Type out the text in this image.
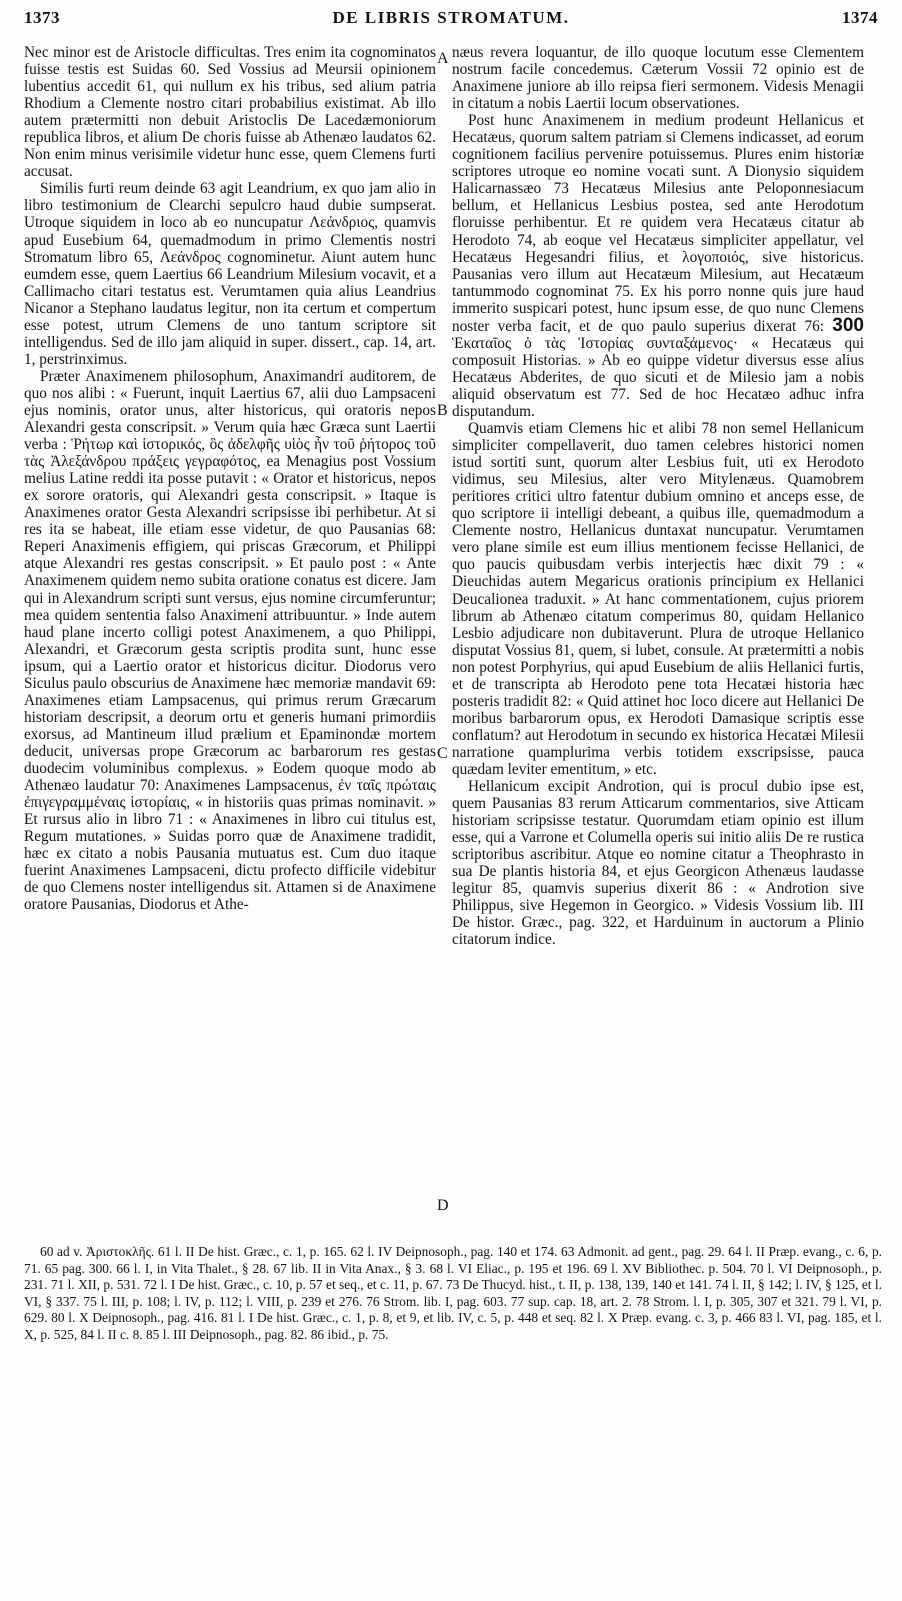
1373	DE LIBRIS STROMATUM.	1374

Nec minor est de Aristocle difficultas. Tres enim ita cognominatos fuisse testis est Suidas 60. Sed Vossius ad Meursii opinionem lubentius accedit 61, qui nullum ex his tribus, sed alium patria Rhodium a Clemente nostro citari probabilius existimat. Ab illo autem prætermitti non debuit Aristoclis De Lacedæmoniorum republica libros, et alium De choris fuisse ab Athenæo laudatos 62. Non enim minus verisimile videtur hunc esse, quem Clemens furti accusat.

Similis furti reum deinde 63 agit Leandrium, ex quo jam alio in libro testimonium de Clearchi sepulcro haud dubie sumpserat. Utroque siquidem in loco ab eo nuncupatur Λεάνδριος, quamvis apud Eusebium 64, quemadmodum in primo Clementis nostri Stromatum libro 65, Λεάνδρος cognominetur. Aiunt autem hunc eumdem esse, quem Laertius 66 Leandrium Milesium vocavit, et a Callimacho citari testatus est. Verumtamen quia alius Leandrius Nicanor a Stephano laudatus legitur, non ita certum et compertum esse potest, utrum Clemens de uno tantum scriptore sit intelligendus. Sed de illo jam aliquid in super. dissert., cap. 14, art. 1, perstrinximus.

Præter Anaximenem philosophum, Anaximandri auditorem, de quo nos alibi : « Fuerunt, inquit Laertius 67, alii duo Lampsaceni ejus nominis, orator unus, alter historicus, qui oratoris nepos Alexandri gesta conscripsit. » Verum quia hæc Græca sunt Laertii verba : Ῥήτωρ καὶ ἱστορικός, ὃς ἀδελφῆς υἱὸς ἦν τοῦ ῥήτορος τοῦ τὰς Ἀλεξάνδρου πράξεις γεγραφότος, ea Menagius post Vossium melius Latine reddi ita posse putavit : « Orator et historicus, nepos ex sorore oratoris, qui Alexandri gesta conscripsit. » Itaque is Anaximenes orator Gesta Alexandri scripsisse ibi perhibetur. At si res ita se habeat, ille etiam esse videtur, de quo Pausanias 68: Reperi Anaximenis effigiem, qui priscas Græcorum, et Philippi atque Alexandri res gestas conscripsit. » Et paulo post : « Ante Anaximenem quidem nemo subita oratione conatus est dicere. Jam qui in Alexandrum scripti sunt versus, ejus nomine circumferuntur; mea quidem sententia falso Anaximeni attribuuntur. » Inde autem haud plane incerto colligi potest Anaximenem, a quo Philippi, Alexandri, et Græcorum gesta scriptis prodita sunt, hunc esse ipsum, qui a Laertio orator et historicus dicitur. Diodorus vero Siculus paulo obscurius de Anaximene hæc memoriæ mandavit 69: Anaximenes etiam Lampsacenus, qui primus rerum Græcarum historiam descripsit, a deorum ortu et generis humani primordiis exorsus, ad Mantineum illud prælium et Epaminondæ mortem deducit, universas prope Græcorum ac barbarorum res gestas duodecim voluminibus complexus. » Eodem quoque modo ab Athenæo laudatur 70: Anaximenes Lampsacenus, ἐν ταῖς πρώταις ἐπιγεγραμμέναις ἱστορίαις, « in historiis quas primas nominavit. » Et rursus alio in libro 71 : « Anaximenes in libro cui titulus est, Regum mutationes. » Suidas porro quæ de Anaximene tradidit, hæc ex citato a nobis Pausania mutuatus est. Cum duo itaque fuerint Anaximenes Lampsaceni, dictu profecto difficile videbitur de quo Clemens noster intelligendus sit. Attamen si de Anaximene oratore Pausanias, Diodorus et Athe-

A
B
C
D

næus revera loquantur, de illo quoque locutum esse Clementem nostrum facile concedemus. Cæterum Vossii 72 opinio est de Anaximene juniore ab illo reipsa fieri sermonem. Videsis Menagii in citatum a nobis Laertii locum observationes.

Post hunc Anaximenem in medium prodeunt Hellanicus et Hecatæus, quorum saltem patriam si Clemens indicasset, ad eorum cognitionem facilius pervenire potuissemus. Plures enim historiæ scriptores utroque eo nomine vocati sunt. A Dionysio siquidem Halicarnassæo 73 Hecatæus Milesius ante Peloponnesiacum bellum, et Hellanicus Lesbius postea, sed ante Herodotum floruisse perhibentur. Et re quidem vera Hecatæus citatur ab Herodoto 74, ab eoque vel Hecatæus simpliciter appellatur, vel Hecatæus Hegesandri filius, et λογοποιός, sive historicus. Pausanias vero illum aut Hecatæum Milesium, aut Hecatæum tantummodo cognominat 75. Ex his porro nonne quis jure haud immerito suspicari potest, hunc ipsum esse, de quo nunc Clemens noster verba facit, et de quo paulo superius dixerat 76: 300 Ἑκαταῖος ὁ τὰς Ἱστορίας συνταξάμενος· « Hecatæus qui composuit Historias. » Ab eo quippe videtur diversus esse alius Hecatæus Abderites, de quo sicuti et de Milesio jam a nobis aliquid observatum est 77. Sed de hoc Hecatæo adhuc infra disputandum.

Quamvis etiam Clemens hic et alibi 78 non semel Hellanicum simpliciter compellaverit, duo tamen celebres historici nomen istud sortiti sunt, quorum alter Lesbius fuit, uti ex Herodoto vidimus, seu Milesius, alter vero Mitylenæus. Quamobrem peritiores critici ultro fatentur dubium omnino et anceps esse, de quo scriptore ii intelligi debeant, a quibus ille, quemadmodum a Clemente nostro, Hellanicus duntaxat nuncupatur. Verumtamen vero plane simile est eum illius mentionem fecisse Hellanici, de quo paucis quibusdam verbis interjectis hæc dixit 79 : « Dieuchidas autem Megaricus orationis principium ex Hellanici Deucalionea traduxit. » At hanc commentationem, cujus priorem librum ab Athenæo citatum comperimus 80, quidam Hellanico Lesbio adjudicare non dubitaverunt. Plura de utroque Hellanico disputat Vossius 81, quem, si lubet, consule. At prætermitti a nobis non potest Porphyrius, qui apud Eusebium de aliis Hellanici furtis, et de transcripta ab Herodoto pene tota Hecatæi historia hæc posteris tradidit 82: « Quid attinet hoc loco dicere aut Hellanici De moribus barbarorum opus, ex Herodoti Damasique scriptis esse conflatum? aut Herodotum in secundo ex historica Hecatæi Milesii narratione quamplurima verbis totidem exscripsisse, pauca quædam leviter ementitum, » etc.

Hellanicum excipit Androtion, qui is procul dubio ipse est, quem Pausanias 83 rerum Atticarum commentarios, sive Atticam historiam scripsisse testatur. Quorumdam etiam opinio est illum esse, qui a Varrone et Columella operis sui initio aliis De re rustica scriptoribus ascribitur. Atque eo nomine citatur a Theophrasto in sua De plantis historia 84, et ejus Georgicon Athenæus laudasse legitur 85, quamvis superius dixerit 86 : « Androtion sive Philippus, sive Hegemon in Georgico. » Videsis Vossium lib. III De histor. Græc., pag. 322, et Harduinum in auctorum a Plinio citatorum indice.

60 ad v. Ἀριστοκλῆς. 61 l. II De hist. Græc., c. 1, p. 165. 62 l. IV Deipnosoph., pag. 140 et 174. 63 Admonit. ad gent., pag. 29. 64 l. II Præp. evang., c. 6, p. 71. 65 pag. 300. 66 l. I, in Vita Thalet., § 28. 67 lib. II in Vita Anax., § 3. 68 l. VI Eliac., p. 195 et 196. 69 l. XV Bibliothec. p. 504. 70 l. VI Deipnosoph., p. 231. 71 l. XII, p. 531. 72 l. I De hist. Græc., c. 10, p. 57 et seq., et c. 11, p. 67. 73 De Thucyd. hist., t. II, p. 138, 139, 140 et 141. 74 l. II, § 142; l. IV, § 125, et l. VI, § 337. 75 l. III, p. 108; l. IV, p. 112; l. VIII, p. 239 et 276. 76 Strom. lib. I, pag. 603. 77 sup. cap. 18, art. 2. 78 Strom. l. I, p. 305, 307 et 321. 79 l. VI, p. 629. 80 l. X Deipnosoph., pag. 416. 81 l. I De hist. Græc., c. 1, p. 8, et 9, et lib. IV, c. 5, p. 448 et seq. 82 l. X Præp. evang. c. 3, p. 466 83 l. VI, pag. 185, et l. X, p. 525, 84 l. II c. 8. 85 l. III Deipnosoph., pag. 82. 86 ibid., p. 75.
